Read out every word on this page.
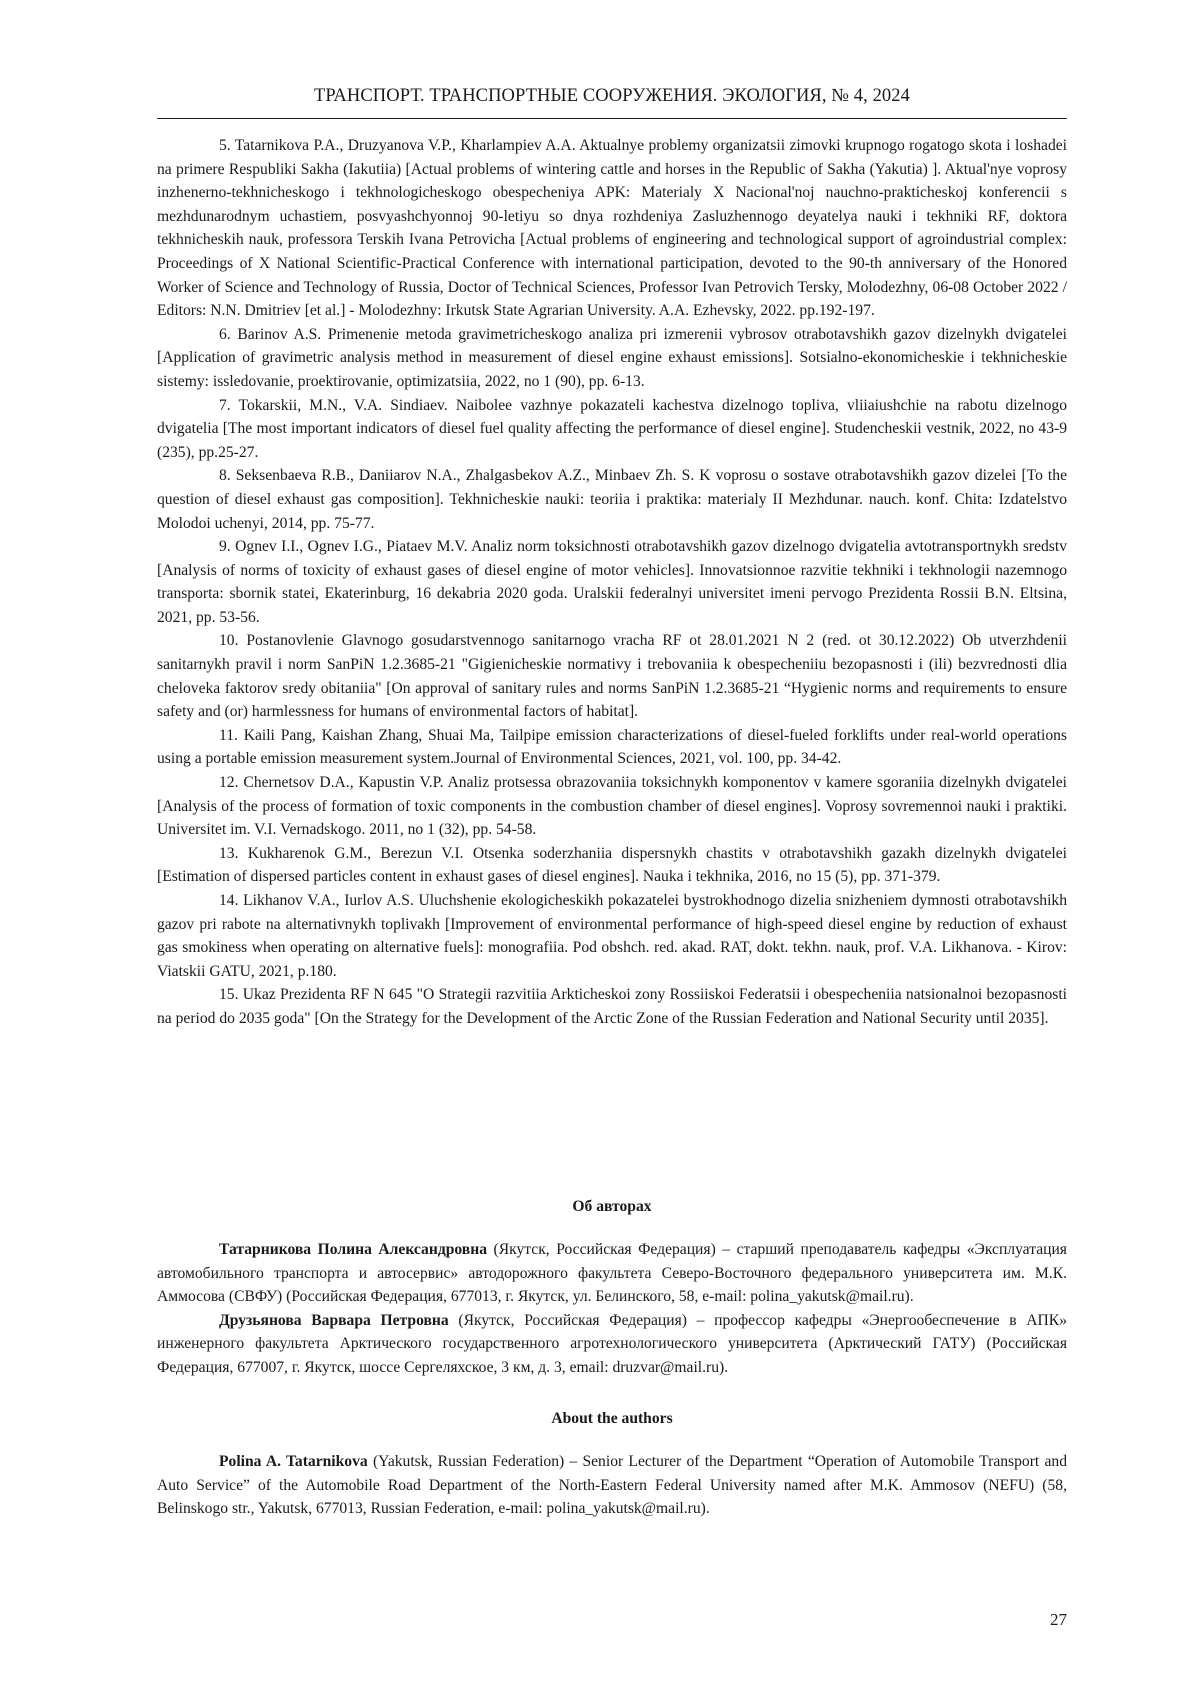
ТРАНСПОРТ. ТРАНСПОРТНЫЕ СООРУЖЕНИЯ. ЭКОЛОГИЯ, № 4, 2024

5. Tatarnikova P.A., Druzyanova V.P., Kharlampiev A.A. Aktualnye problemy organizatsii zimovki krupnogo rogatogo skota i loshadei na primere Respubliki Sakha (Iakutiia) [Actual problems of wintering cattle and horses in the Republic of Sakha (Yakutia) ]. Aktual'nye voprosy inzhenerno-tekhnicheskogo i tekhnologicheskogo obespecheniya APK: Materialy X Nacional'noj nauchno-prakticheskoj konferencii s mezhdunarodnym uchastiem, posvyashchyonnoj 90-letiyu so dnya rozhdeniya Zasluzhennogo deyatelya nauki i tekhniki RF, doktora tekhnicheskih nauk, professora Terskih Ivana Petrovicha [Actual problems of engineering and technological support of agroindustrial complex: Proceedings of X National Scientific-Practical Conference with international participation, devoted to the 90-th anniversary of the Honored Worker of Science and Technology of Russia, Doctor of Technical Sciences, Professor Ivan Petrovich Tersky, Molodezhny, 06-08 October 2022 / Editors: N.N. Dmitriev [et al.] - Molodezhny: Irkutsk State Agrarian University. A.A. Ezhevsky, 2022. pp.192-197.

6. Barinov A.S. Primenenie metoda gravimetricheskogo analiza pri izmerenii vybrosov otrabotavshikh gazov dizelnykh dvigatelei [Application of gravimetric analysis method in measurement of diesel engine exhaust emissions]. Sotsialno-ekonomicheskie i tekhnicheskie sistemy: issledovanie, proektirovanie, optimizatsiia, 2022, no 1 (90), pp. 6-13.

7. Tokarskii, M.N., V.A. Sindiaev. Naibolee vazhnye pokazateli kachestva dizelnogo topliva, vliiaiushchie na rabotu dizelnogo dvigatelia [The most important indicators of diesel fuel quality affecting the performance of diesel engine]. Studencheskii vestnik, 2022, no 43-9 (235), pp.25-27.

8. Seksenbaeva R.B., Daniiarov N.A., Zhalgasbekov A.Z., Minbaev Zh. S. K voprosu o sostave otrabotavshikh gazov dizelei [To the question of diesel exhaust gas composition]. Tekhnicheskie nauki: teoriia i praktika: materialy II Mezhdunar. nauch. konf. Chita: Izdatelstvo Molodoi uchenyi, 2014, pp. 75-77.

9. Ognev I.I., Ognev I.G., Piataev M.V. Analiz norm toksichnosti otrabotavshikh gazov dizelnogo dvigatelia avtotransportnykh sredstv [Analysis of norms of toxicity of exhaust gases of diesel engine of motor vehicles]. Innovatsionnoe razvitie tekhniki i tekhnologii nazemnogo transporta: sbornik statei, Ekaterinburg, 16 dekabria 2020 goda. Uralskii federalnyi universitet imeni pervogo Prezidenta Rossii B.N. Eltsina, 2021, pp. 53-56.

10. Postanovlenie Glavnogo gosudarstvennogo sanitarnogo vracha RF ot 28.01.2021 N 2 (red. ot 30.12.2022) Ob utverzhdenii sanitarnykh pravil i norm SanPiN 1.2.3685-21 "Gigienicheskie normativy i trebovaniia k obespecheniiu bezopasnosti i (ili) bezvrednosti dlia cheloveka faktorov sredy obitaniia" [On approval of sanitary rules and norms SanPiN 1.2.3685-21 “Hygienic norms and requirements to ensure safety and (or) harmlessness for humans of environmental factors of habitat].

11. Kaili Pang, Kaishan Zhang, Shuai Ma, Tailpipe emission characterizations of diesel-fueled forklifts under real-world operations using a portable emission measurement system.Journal of Environmental Sciences, 2021, vol. 100, pp. 34-42.

12. Chernetsov D.A., Kapustin V.P. Analiz protsessa obrazovaniia toksichnykh komponentov v kamere sgoraniia dizelnykh dvigatelei [Analysis of the process of formation of toxic components in the combustion chamber of diesel engines]. Voprosy sovremennoi nauki i praktiki. Universitet im. V.I. Vernadskogo. 2011, no 1 (32), pp. 54-58.

13. Kukharenok G.M., Berezun V.I. Otsenka soderzhaniia dispersnykh chastits v otrabotavshikh gazakh dizelnykh dvigatelei [Estimation of dispersed particles content in exhaust gases of diesel engines]. Nauka i tekhnika, 2016, no 15 (5), pp. 371-379.

14. Likhanov V.A., Iurlov A.S. Uluchshenie ekologicheskikh pokazatelei bystrokhodnogo dizelia snizheniem dymnosti otrabotavshikh gazov pri rabote na alternativnykh toplivakh [Improvement of environmental performance of high-speed diesel engine by reduction of exhaust gas smokiness when operating on alternative fuels]: monografiia. Pod obshch. red. akad. RAT, dokt. tekhn. nauk, prof. V.A. Likhanova. - Kirov: Viatskii GATU, 2021, p.180.

15. Ukaz Prezidenta RF N 645 "O Strategii razvitiia Arkticheskoi zony Rossiiskoi Federatsii i obespecheniia natsionalnoi bezopasnosti na period do 2035 goda" [On the Strategy for the Development of the Arctic Zone of the Russian Federation and National Security until 2035].

Об авторах

Татарникова Полина Александровна (Якутск, Российская Федерация) – старший преподаватель кафедры «Эксплуатация автомобильного транспорта и автосервис» автодорожного факультета Северо-Восточного федерального университета им. М.К. Аммосова (СВФУ) (Российская Федерация, 677013, г. Якутск, ул. Белинского, 58, e-mail: polina_yakutsk@mail.ru).

Друзьянова Варвара Петровна (Якутск, Российская Федерация) – профессор кафедры «Энергообеспечение в АПК» инженерного факультета Арктического государственного агротехнологического университета (Арктический ГАТУ) (Российская Федерация, 677007, г. Якутск, шоссе Сергеляхское, 3 км, д. 3, email: druzvar@mail.ru).

About the authors

Polina A. Tatarnikova (Yakutsk, Russian Federation) – Senior Lecturer of the Department “Operation of Automobile Transport and Auto Service” of the Automobile Road Department of the North-Eastern Federal University named after M.K. Ammosov (NEFU) (58, Belinskogo str., Yakutsk, 677013, Russian Federation, e-mail: polina_yakutsk@mail.ru).

27
